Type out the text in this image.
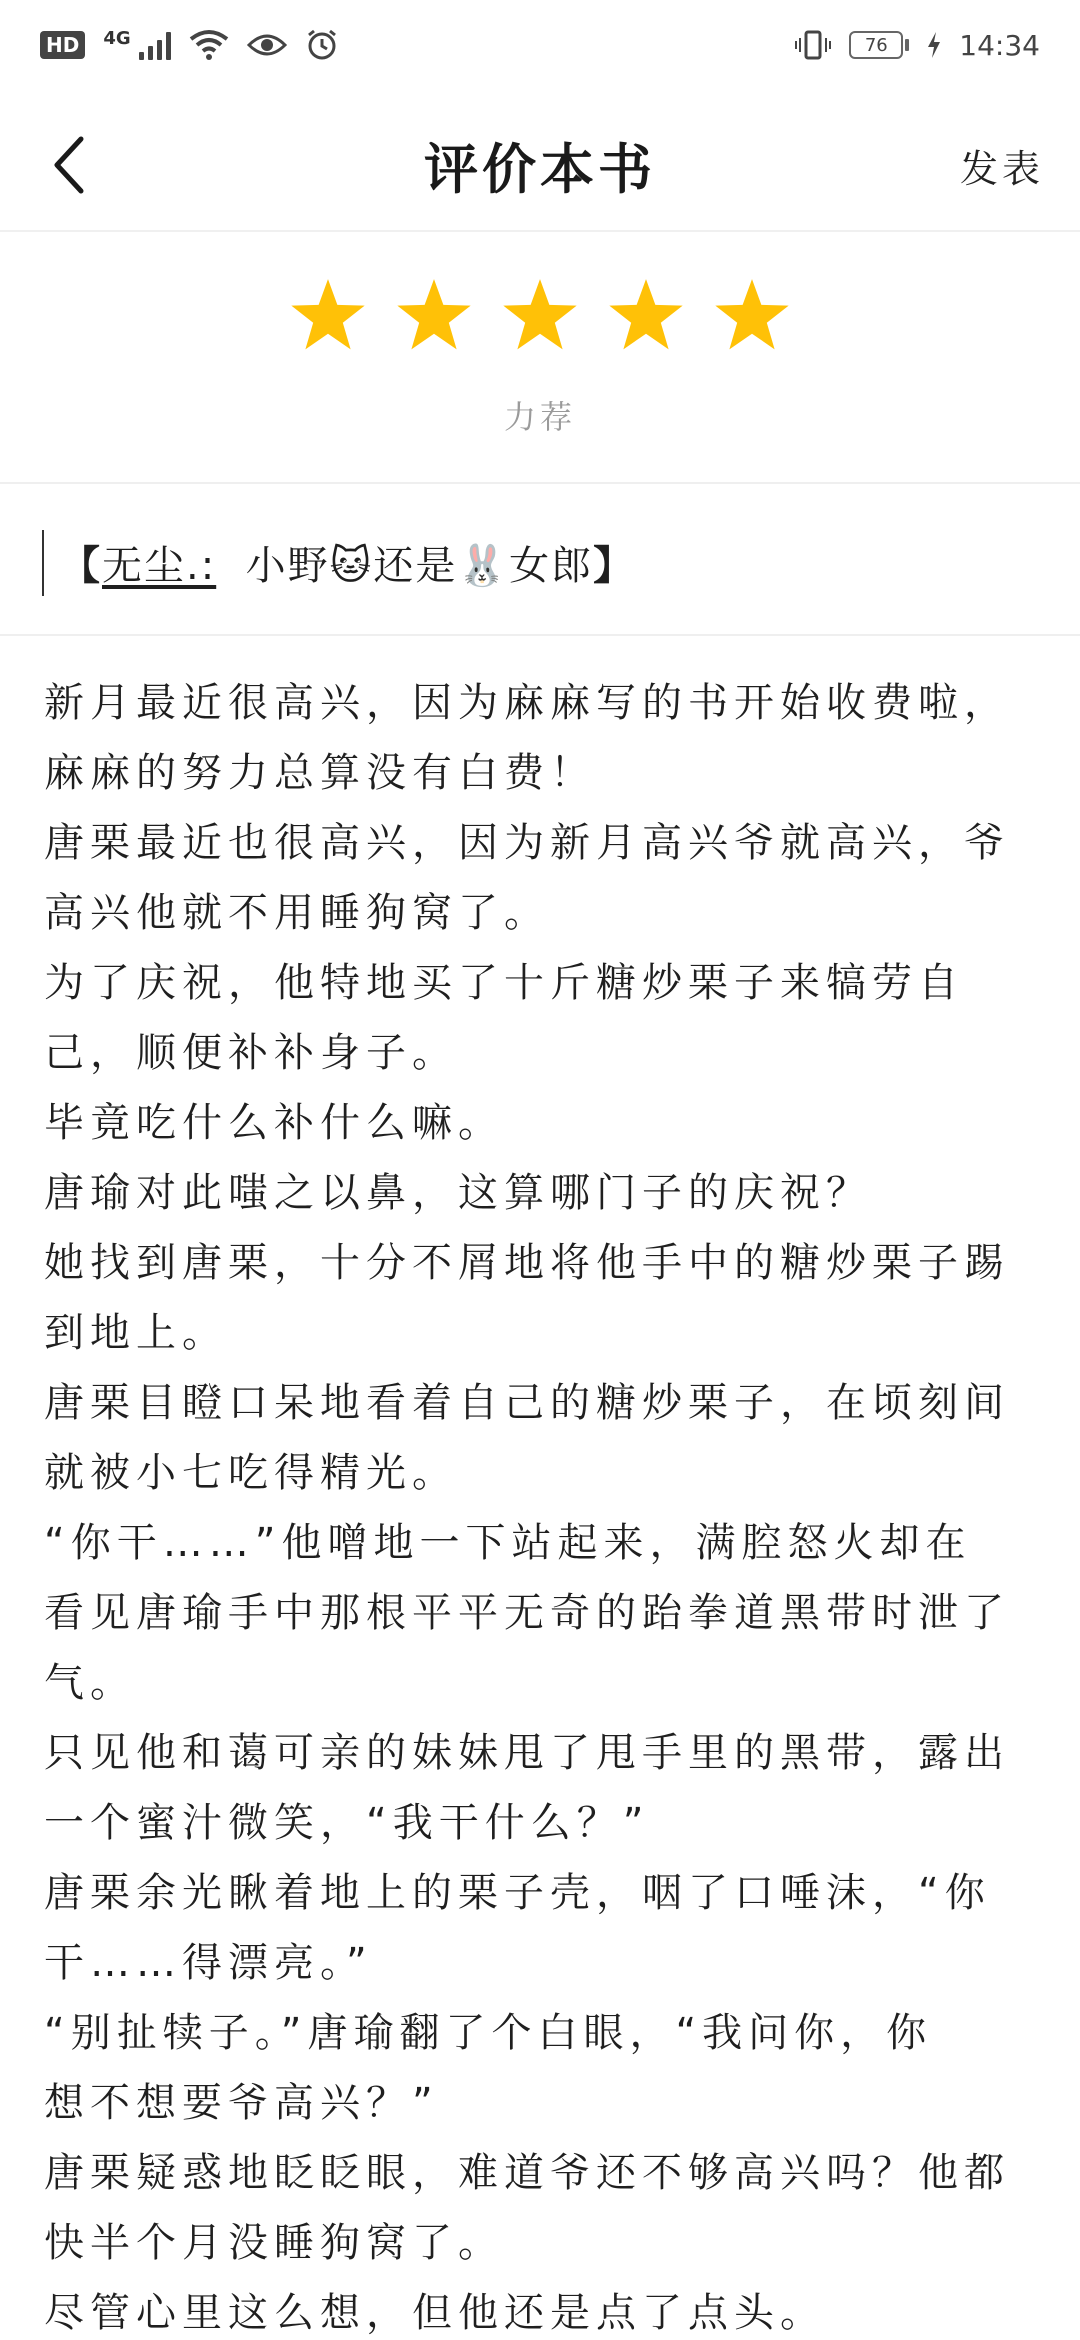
HD	4G	76	14:34
评价本书	发表
力荐
【无尘.: 小野🐱还是🐰女郎】
新月最近很高兴，因为麻麻写的书开始收费啦，
麻麻的努力总算没有白费！
唐栗最近也很高兴，因为新月高兴爷就高兴，爷
高兴他就不用睡狗窝了。
为了庆祝，他特地买了十斤糖炒栗子来犒劳自
己，顺便补补身子。
毕竟吃什么补什么嘛。
唐瑜对此嗤之以鼻，这算哪门子的庆祝？
她找到唐栗，十分不屑地将他手中的糖炒栗子踢
到地上。
唐栗目瞪口呆地看着自己的糖炒栗子，在顷刻间
就被小七吃得精光。
“你干……”他噌地一下站起来，满腔怒火却在
看见唐瑜手中那根平平无奇的跆拳道黑带时泄了
气。
只见他和蔼可亲的妹妹甩了甩手里的黑带，露出
一个蜜汁微笑，“我干什么？”
唐栗余光瞅着地上的栗子壳，咽了口唾沫，“你
干……得漂亮。”
“别扯犊子。”唐瑜翻了个白眼，“我问你，你
想不想要爷高兴？”
唐栗疑惑地眨眨眼，难道爷还不够高兴吗？他都
快半个月没睡狗窝了。
尽管心里这么想，但他还是点了点头。
